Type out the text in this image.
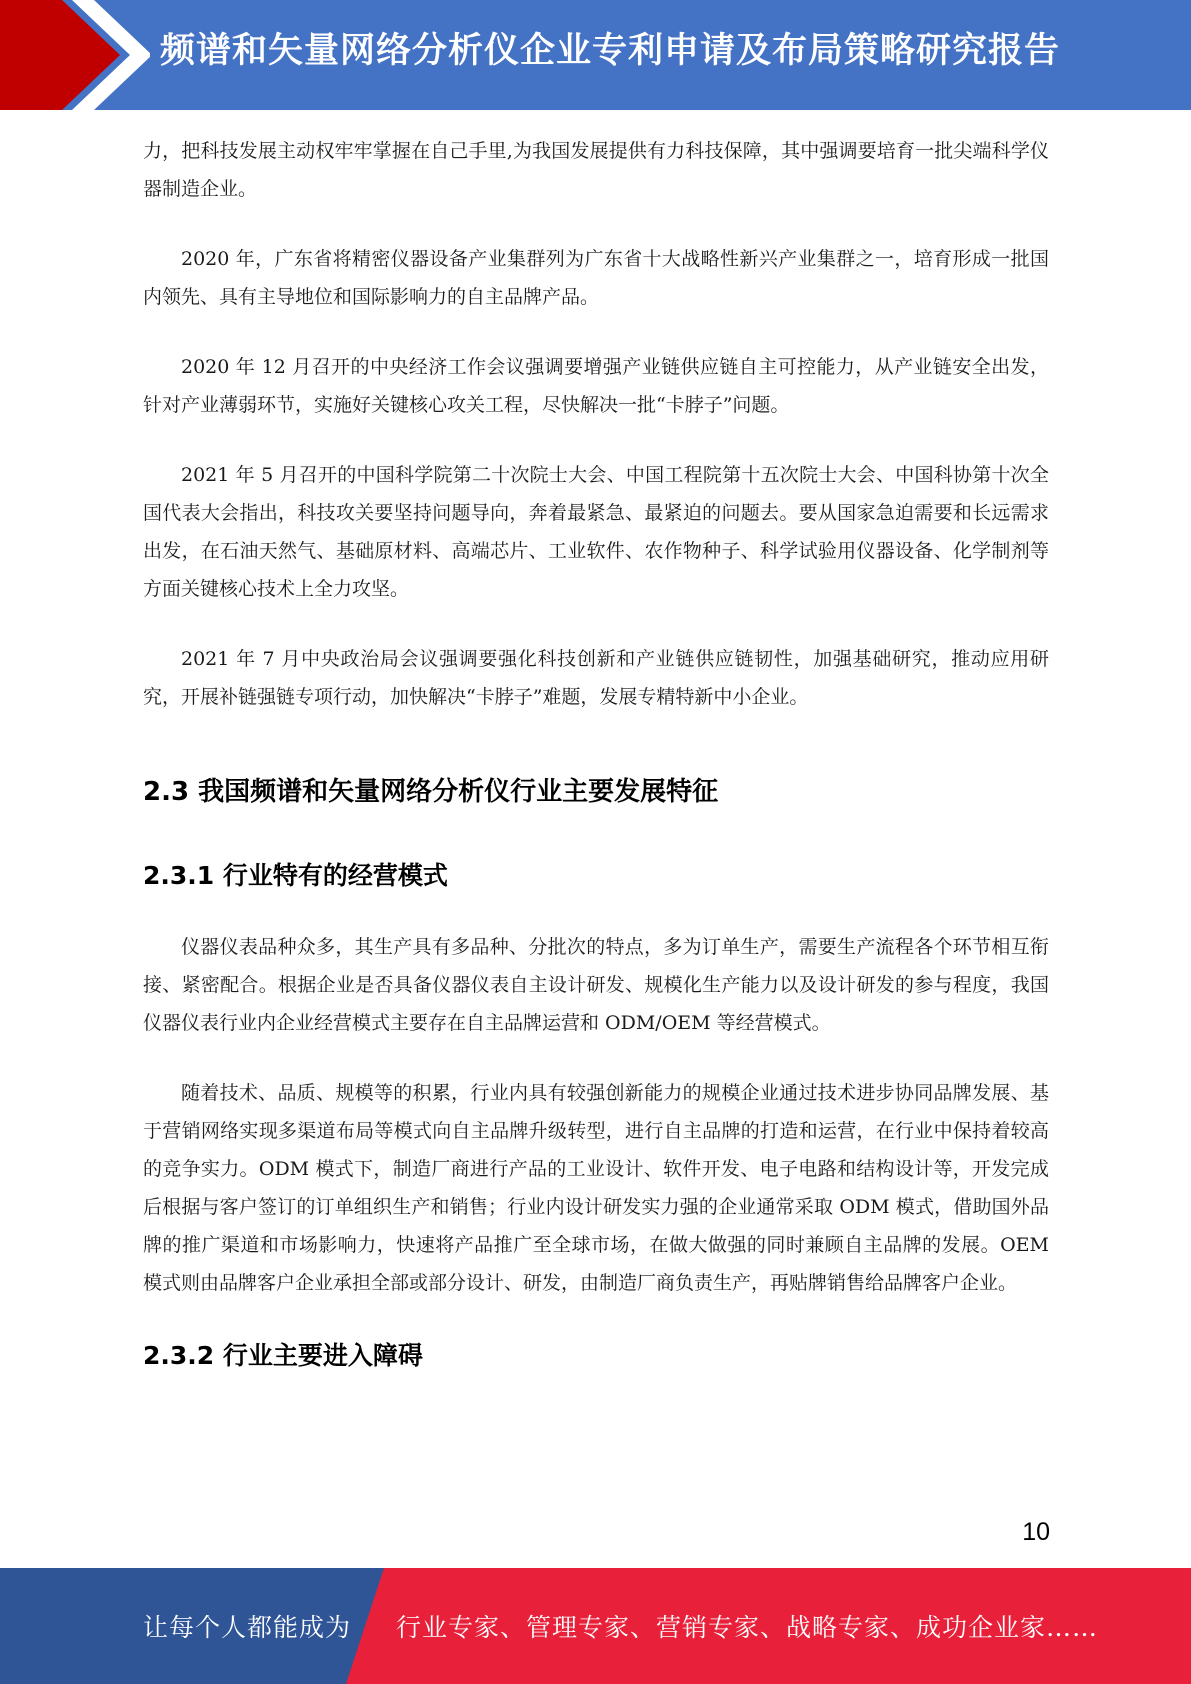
频谱和矢量网络分析仪企业专利申请及布局策略研究报告

力，把科技发展主动权牢牢掌握在自己手里,为我国发展提供有力科技保障，其中强调要培育一批尖端科学仪器制造企业。

2020 年，广东省将精密仪器设备产业集群列为广东省十大战略性新兴产业集群之一，培育形成一批国内领先、具有主导地位和国际影响力的自主品牌产品。

2020 年 12 月召开的中央经济工作会议强调要增强产业链供应链自主可控能力，从产业链安全出发，针对产业薄弱环节，实施好关键核心攻关工程，尽快解决一批“卡脖子”问题。

2021 年 5 月召开的中国科学院第二十次院士大会、中国工程院第十五次院士大会、中国科协第十次全国代表大会指出，科技攻关要坚持问题导向，奔着最紧急、最紧迫的问题去。要从国家急迫需要和长远需求出发，在石油天然气、基础原材料、高端芯片、工业软件、农作物种子、科学试验用仪器设备、化学制剂等方面关键核心技术上全力攻坚。

2021 年 7 月中央政治局会议强调要强化科技创新和产业链供应链韧性，加强基础研究，推动应用研究，开展补链强链专项行动，加快解决“卡脖子”难题，发展专精特新中小企业。

2.3 我国频谱和矢量网络分析仪行业主要发展特征
2.3.1 行业特有的经营模式

仪器仪表品种众多，其生产具有多品种、分批次的特点，多为订单生产，需要生产流程各个环节相互衔接、紧密配合。根据企业是否具备仪器仪表自主设计研发、规模化生产能力以及设计研发的参与程度，我国仪器仪表行业内企业经营模式主要存在自主品牌运营和 ODM/OEM 等经营模式。

随着技术、品质、规模等的积累，行业内具有较强创新能力的规模企业通过技术进步协同品牌发展、基于营销网络实现多渠道布局等模式向自主品牌升级转型，进行自主品牌的打造和运营，在行业中保持着较高的竞争实力。ODM 模式下，制造厂商进行产品的工业设计、软件开发、电子电路和结构设计等，开发完成后根据与客户签订的订单组织生产和销售；行业内设计研发实力强的企业通常采取 ODM 模式，借助国外品牌的推广渠道和市场影响力，快速将产品推广至全球市场，在做大做强的同时兼顾自主品牌的发展。OEM 模式则由品牌客户企业承担全部或部分设计、研发，由制造厂商负责生产，再贴牌销售给品牌客户企业。

2.3.2 行业主要进入障碍
10
让每个人都能成为 行业专家、管理专家、营销专家、战略专家、成功企业家……
